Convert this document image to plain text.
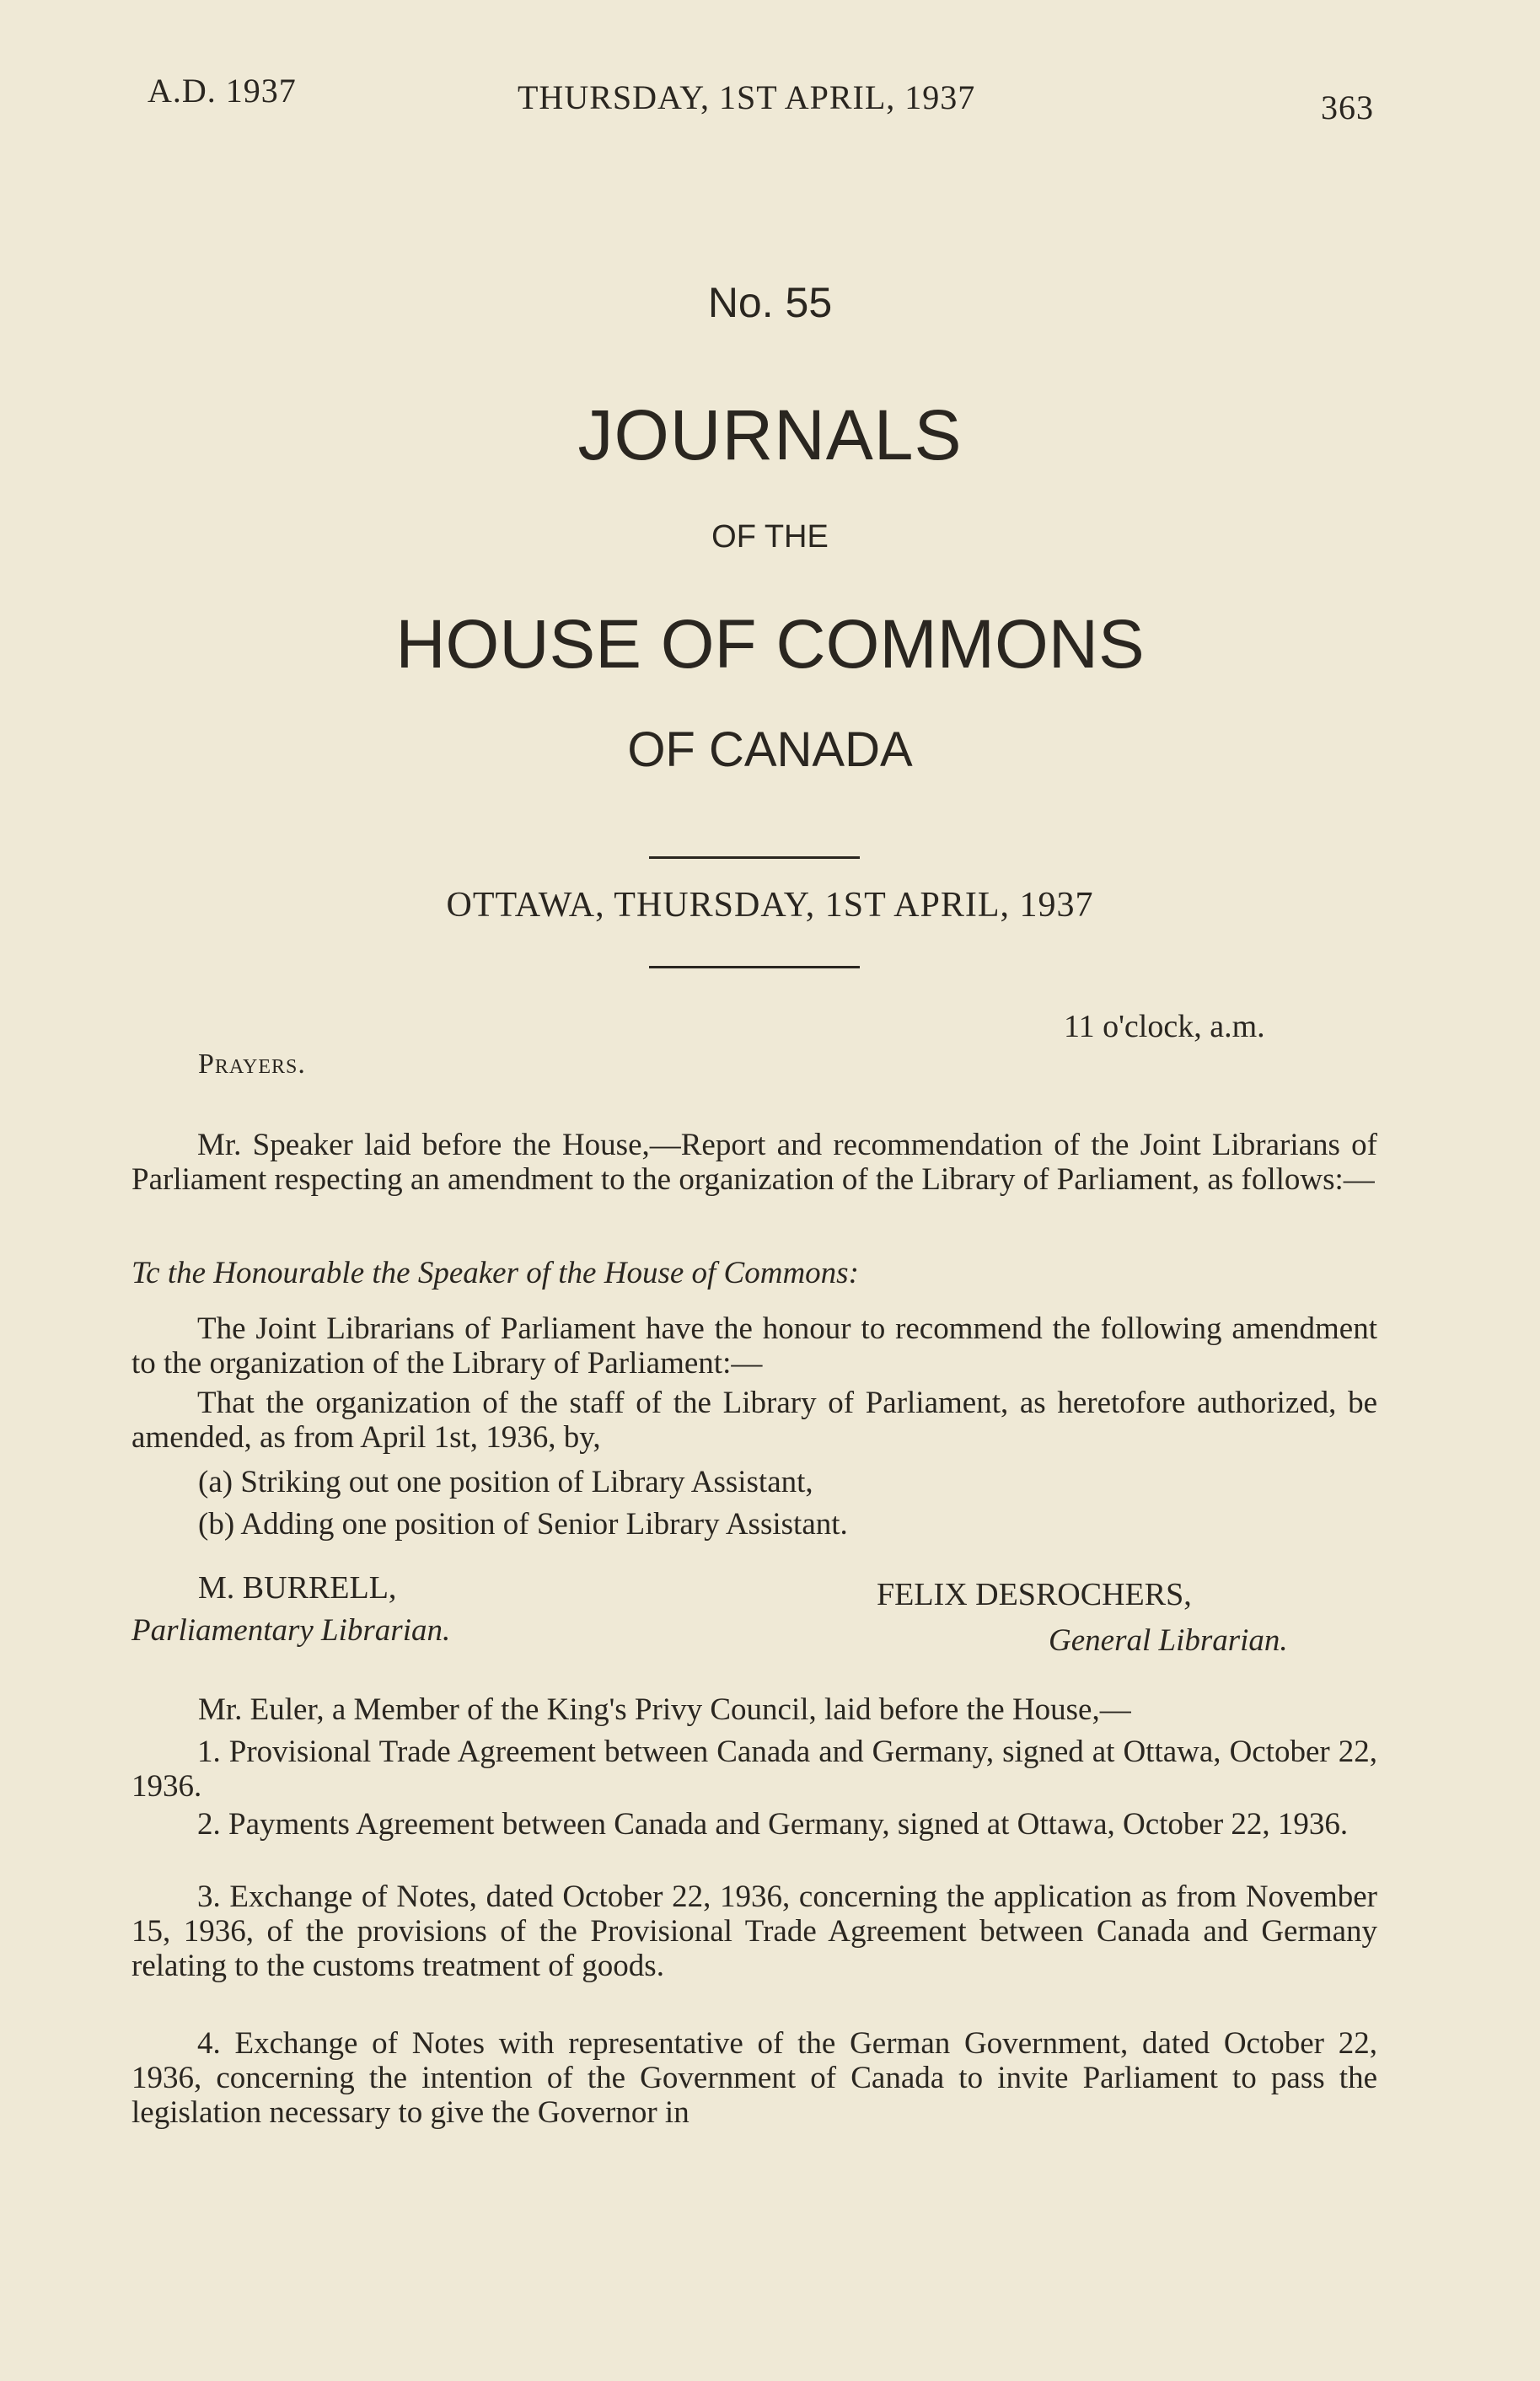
A.D. 1937	THURSDAY, 1ST APRIL, 1937	363
No. 55
JOURNALS
OF THE
HOUSE OF COMMONS
OF CANADA
OTTAWA, THURSDAY, 1ST APRIL, 1937
11 o'clock, a.m.
Prayers.
Mr. Speaker laid before the House,—Report and recommendation of the Joint Librarians of Parliament respecting an amendment to the organization of the Library of Parliament, as follows:—
Tc the Honourable the Speaker of the House of Commons:
The Joint Librarians of Parliament have the honour to recommend the following amendment to the organization of the Library of Parliament:—
That the organization of the staff of the Library of Parliament, as heretofore authorized, be amended, as from April 1st, 1936, by,
(a) Striking out one position of Library Assistant,
(b) Adding one position of Senior Library Assistant.
M. BURRELL,
Parliamentary Librarian.
FELIX DESROCHERS,
General Librarian.
Mr. Euler, a Member of the King's Privy Council, laid before the House,—
1. Provisional Trade Agreement between Canada and Germany, signed at Ottawa, October 22, 1936.
2. Payments Agreement between Canada and Germany, signed at Ottawa, October 22, 1936.
3. Exchange of Notes, dated October 22, 1936, concerning the application as from November 15, 1936, of the provisions of the Provisional Trade Agreement between Canada and Germany relating to the customs treatment of goods.
4. Exchange of Notes with representative of the German Government, dated October 22, 1936, concerning the intention of the Government of Canada to invite Parliament to pass the legislation necessary to give the Governor in
